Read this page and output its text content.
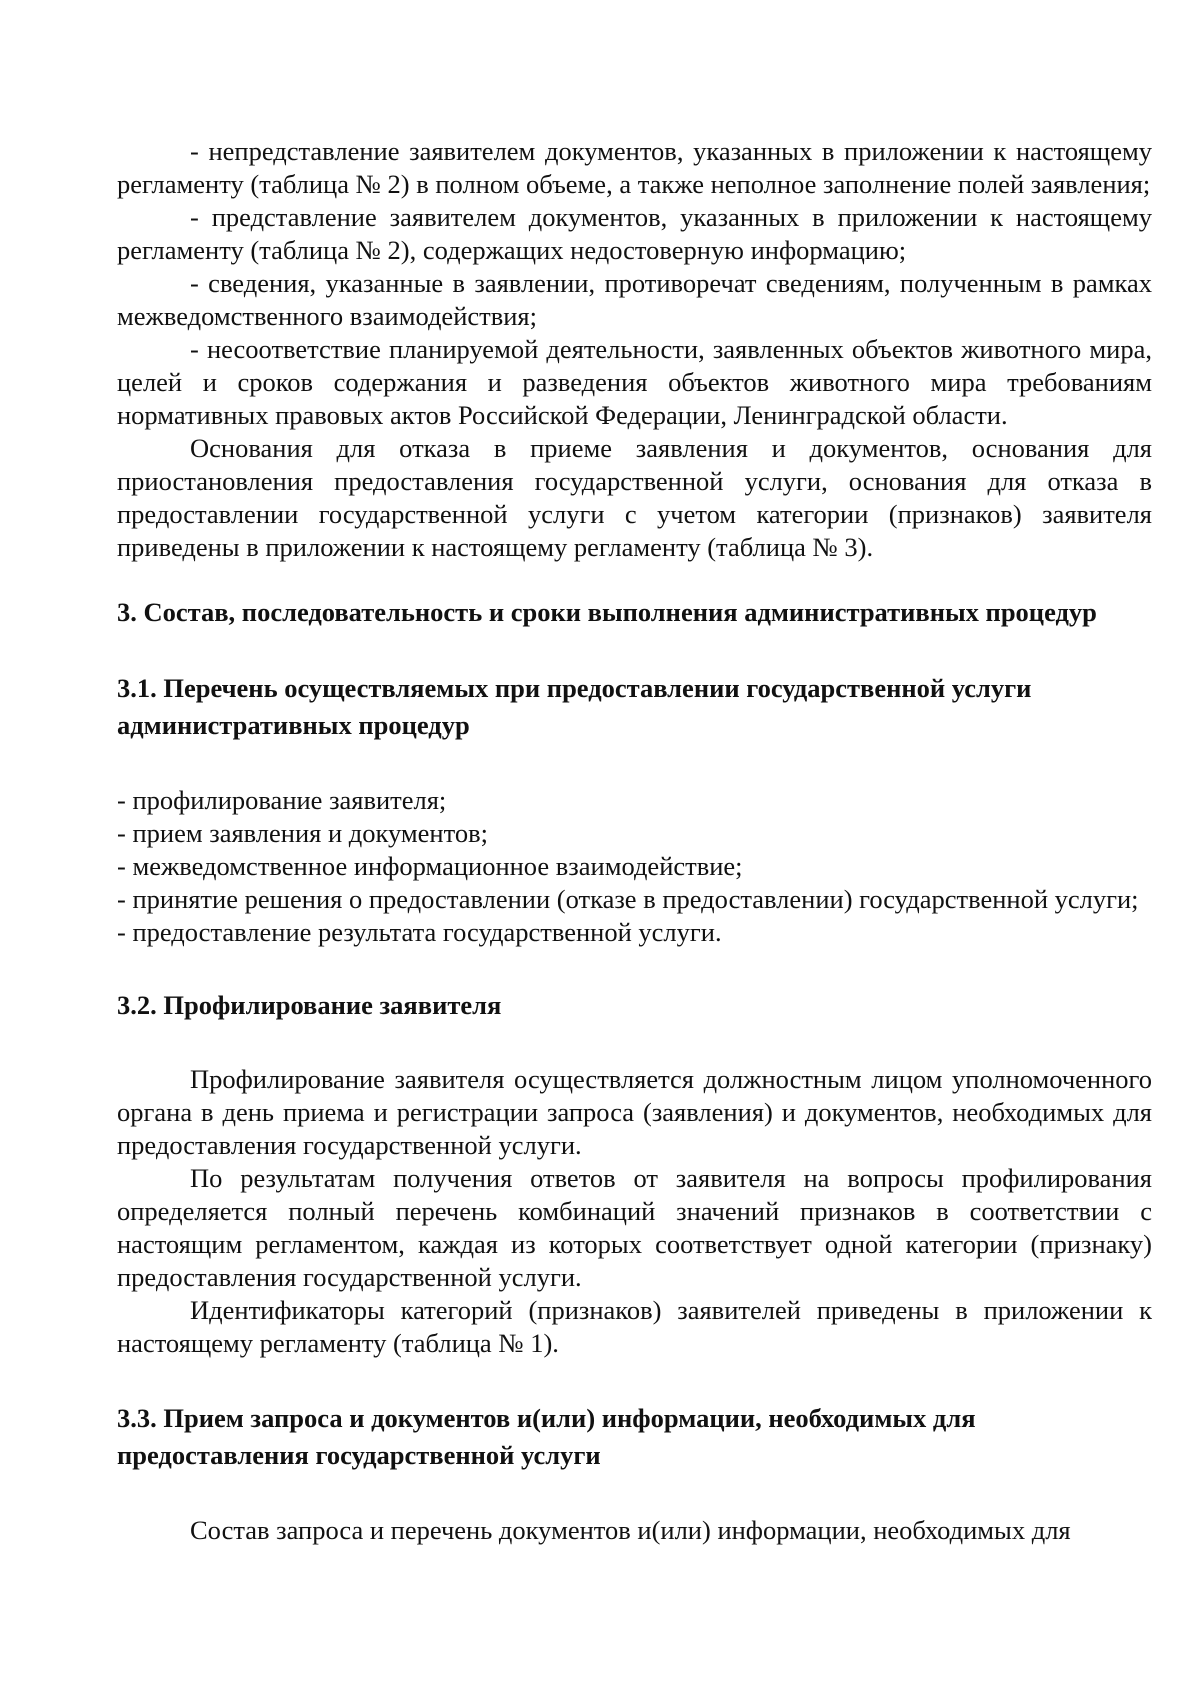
- непредставление заявителем документов, указанных в приложении к настоящему регламенту (таблица № 2) в полном объеме, а также неполное заполнение полей заявления;

- представление заявителем документов, указанных в приложении к настоящему регламенту (таблица № 2), содержащих недостоверную информацию;

- сведения, указанные в заявлении, противоречат сведениям, полученным в рамках межведомственного взаимодействия;

- несоответствие планируемой деятельности, заявленных объектов животного мира, целей и сроков содержания и разведения объектов животного мира требованиям нормативных правовых актов Российской Федерации, Ленинградской области.

Основания для отказа в приеме заявления и документов, основания для приостановления предоставления государственной услуги, основания для отказа в предоставлении государственной услуги с учетом категории (признаков) заявителя приведены в приложении к настоящему регламенту (таблица № 3).

3. Состав, последовательность и сроки выполнения административных процедур
3.1. Перечень осуществляемых при предоставлении государственной услуги административных процедур

- профилирование заявителя;

- прием заявления и документов;

- межведомственное информационное взаимодействие;

- принятие решения о предоставлении (отказе в предоставлении) государственной услуги;

- предоставление результата государственной услуги.

3.2. Профилирование заявителя

Профилирование заявителя осуществляется должностным лицом уполномоченного органа в день приема и регистрации запроса (заявления) и документов, необходимых для предоставления государственной услуги.

По результатам получения ответов от заявителя на вопросы профилирования определяется полный перечень комбинаций значений признаков в соответствии с настоящим регламентом, каждая из которых соответствует одной категории (признаку) предоставления государственной услуги.

Идентификаторы категорий (признаков) заявителей приведены в приложении к настоящему регламенту (таблица № 1).

3.3. Прием запроса и документов и(или) информации, необходимых для предоставления государственной услуги

Состав запроса и перечень документов и(или) информации, необходимых для
